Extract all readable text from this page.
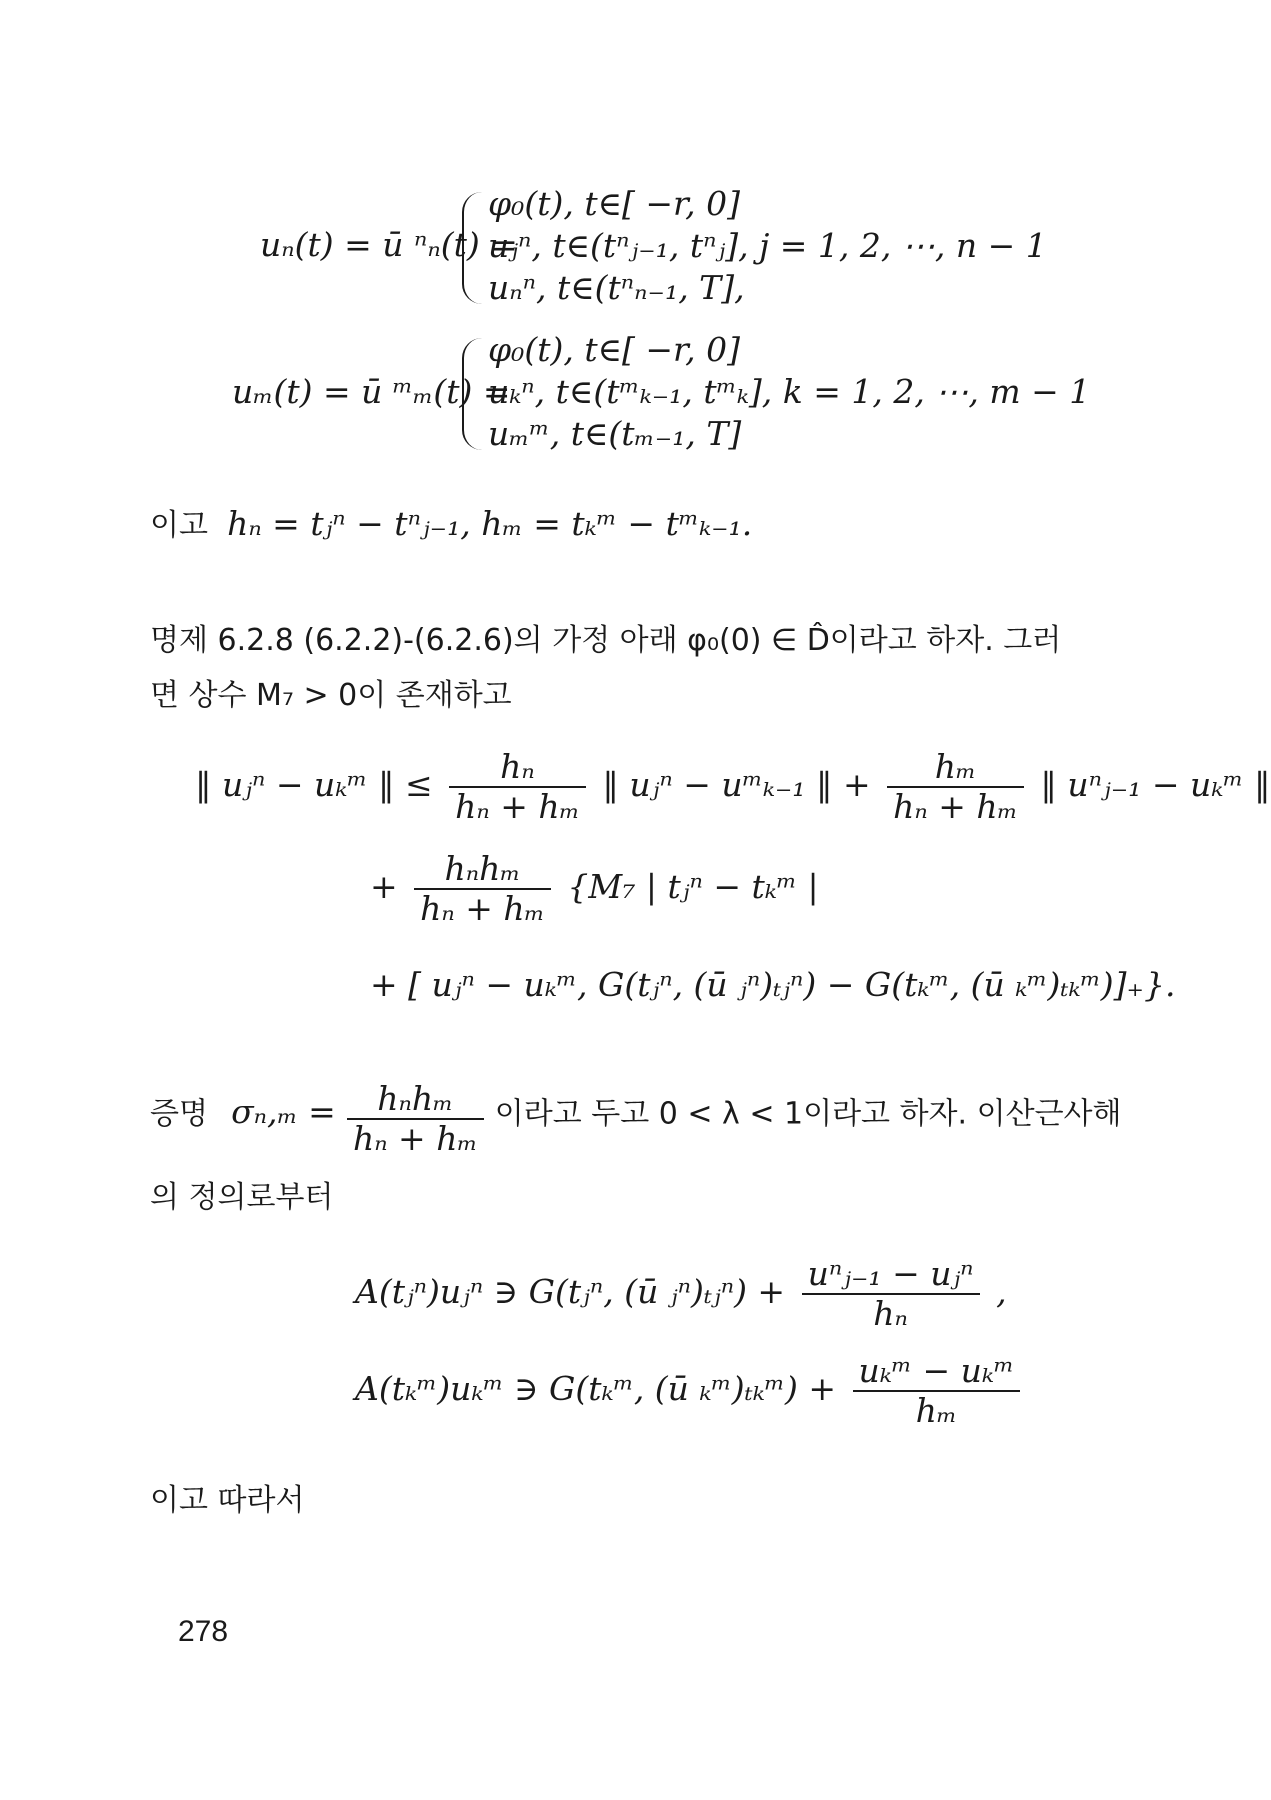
uₙ(t) = ū ⁿₙ(t) =
φ₀(t), t∈[ −r, 0]
uⱼⁿ, t∈(tⁿⱼ₋₁, tⁿⱼ], j = 1, 2, ⋯, n − 1
uₙⁿ, t∈(tⁿₙ₋₁, T],
uₘ(t) = ū ᵐₘ(t) =
φ₀(t), t∈[ −r, 0]
uₖⁿ, t∈(tᵐₖ₋₁, tᵐₖ], k = 1, 2, ⋯, m − 1
uₘᵐ, t∈(tₘ₋₁, T]
이고 hₙ = tⱼⁿ − tⁿⱼ₋₁, hₘ = tₖᵐ − tᵐₖ₋₁.
명제 6.2.8 (6.2.2)-(6.2.6)의 가정 아래 φ₀(0) ∈ D̂이라고 하자. 그러
면 상수 M₇ > 0이 존재하고
‖ uⱼⁿ − uₖᵐ ‖ ≤ $\frac{\text{hₙ}}{\text{hₙ + hₘ}}$ ‖ uⱼⁿ − uᵐₖ₋₁ ‖ + $\frac{\text{hₘ}}{\text{hₙ + hₘ}}$ ‖ uⁿⱼ₋₁ − uₖᵐ ‖
+ $\frac{\text{hₙhₘ}}{\text{hₙ + hₘ}} \{M_7$ | tⱼⁿ − tₖᵐ |
+ [ uⱼⁿ − uₖᵐ, G(tⱼⁿ, (ū ⱼⁿ)ₜⱼⁿ) − G(tₖᵐ, (ū ₖᵐ)ₜₖᵐ)]₊}.
증명 $\sigma_n,_m = \frac{\text{hₙhₘ}}{\text{hₙ + hₘ}}$ 이라고 두고 0 < λ < 1이라고 하자. 이산근사해
의 정의로부터
A(tⱼⁿ)uⱼⁿ ∋ G(tⱼⁿ, (ū ⱼⁿ)ₜⱼⁿ) + $\frac{\text{uⁿⱼ₋₁ − uⱼⁿ}}{\text{hₙ}}$ ,
A(tₖᵐ)uₖᵐ ∋ G(tₖᵐ, (ū ₖᵐ)ₜₖᵐ) + $\frac{\text{uₖᵐ − uₖᵐ}}{\text{hₘ}}$
이고 따라서
278
